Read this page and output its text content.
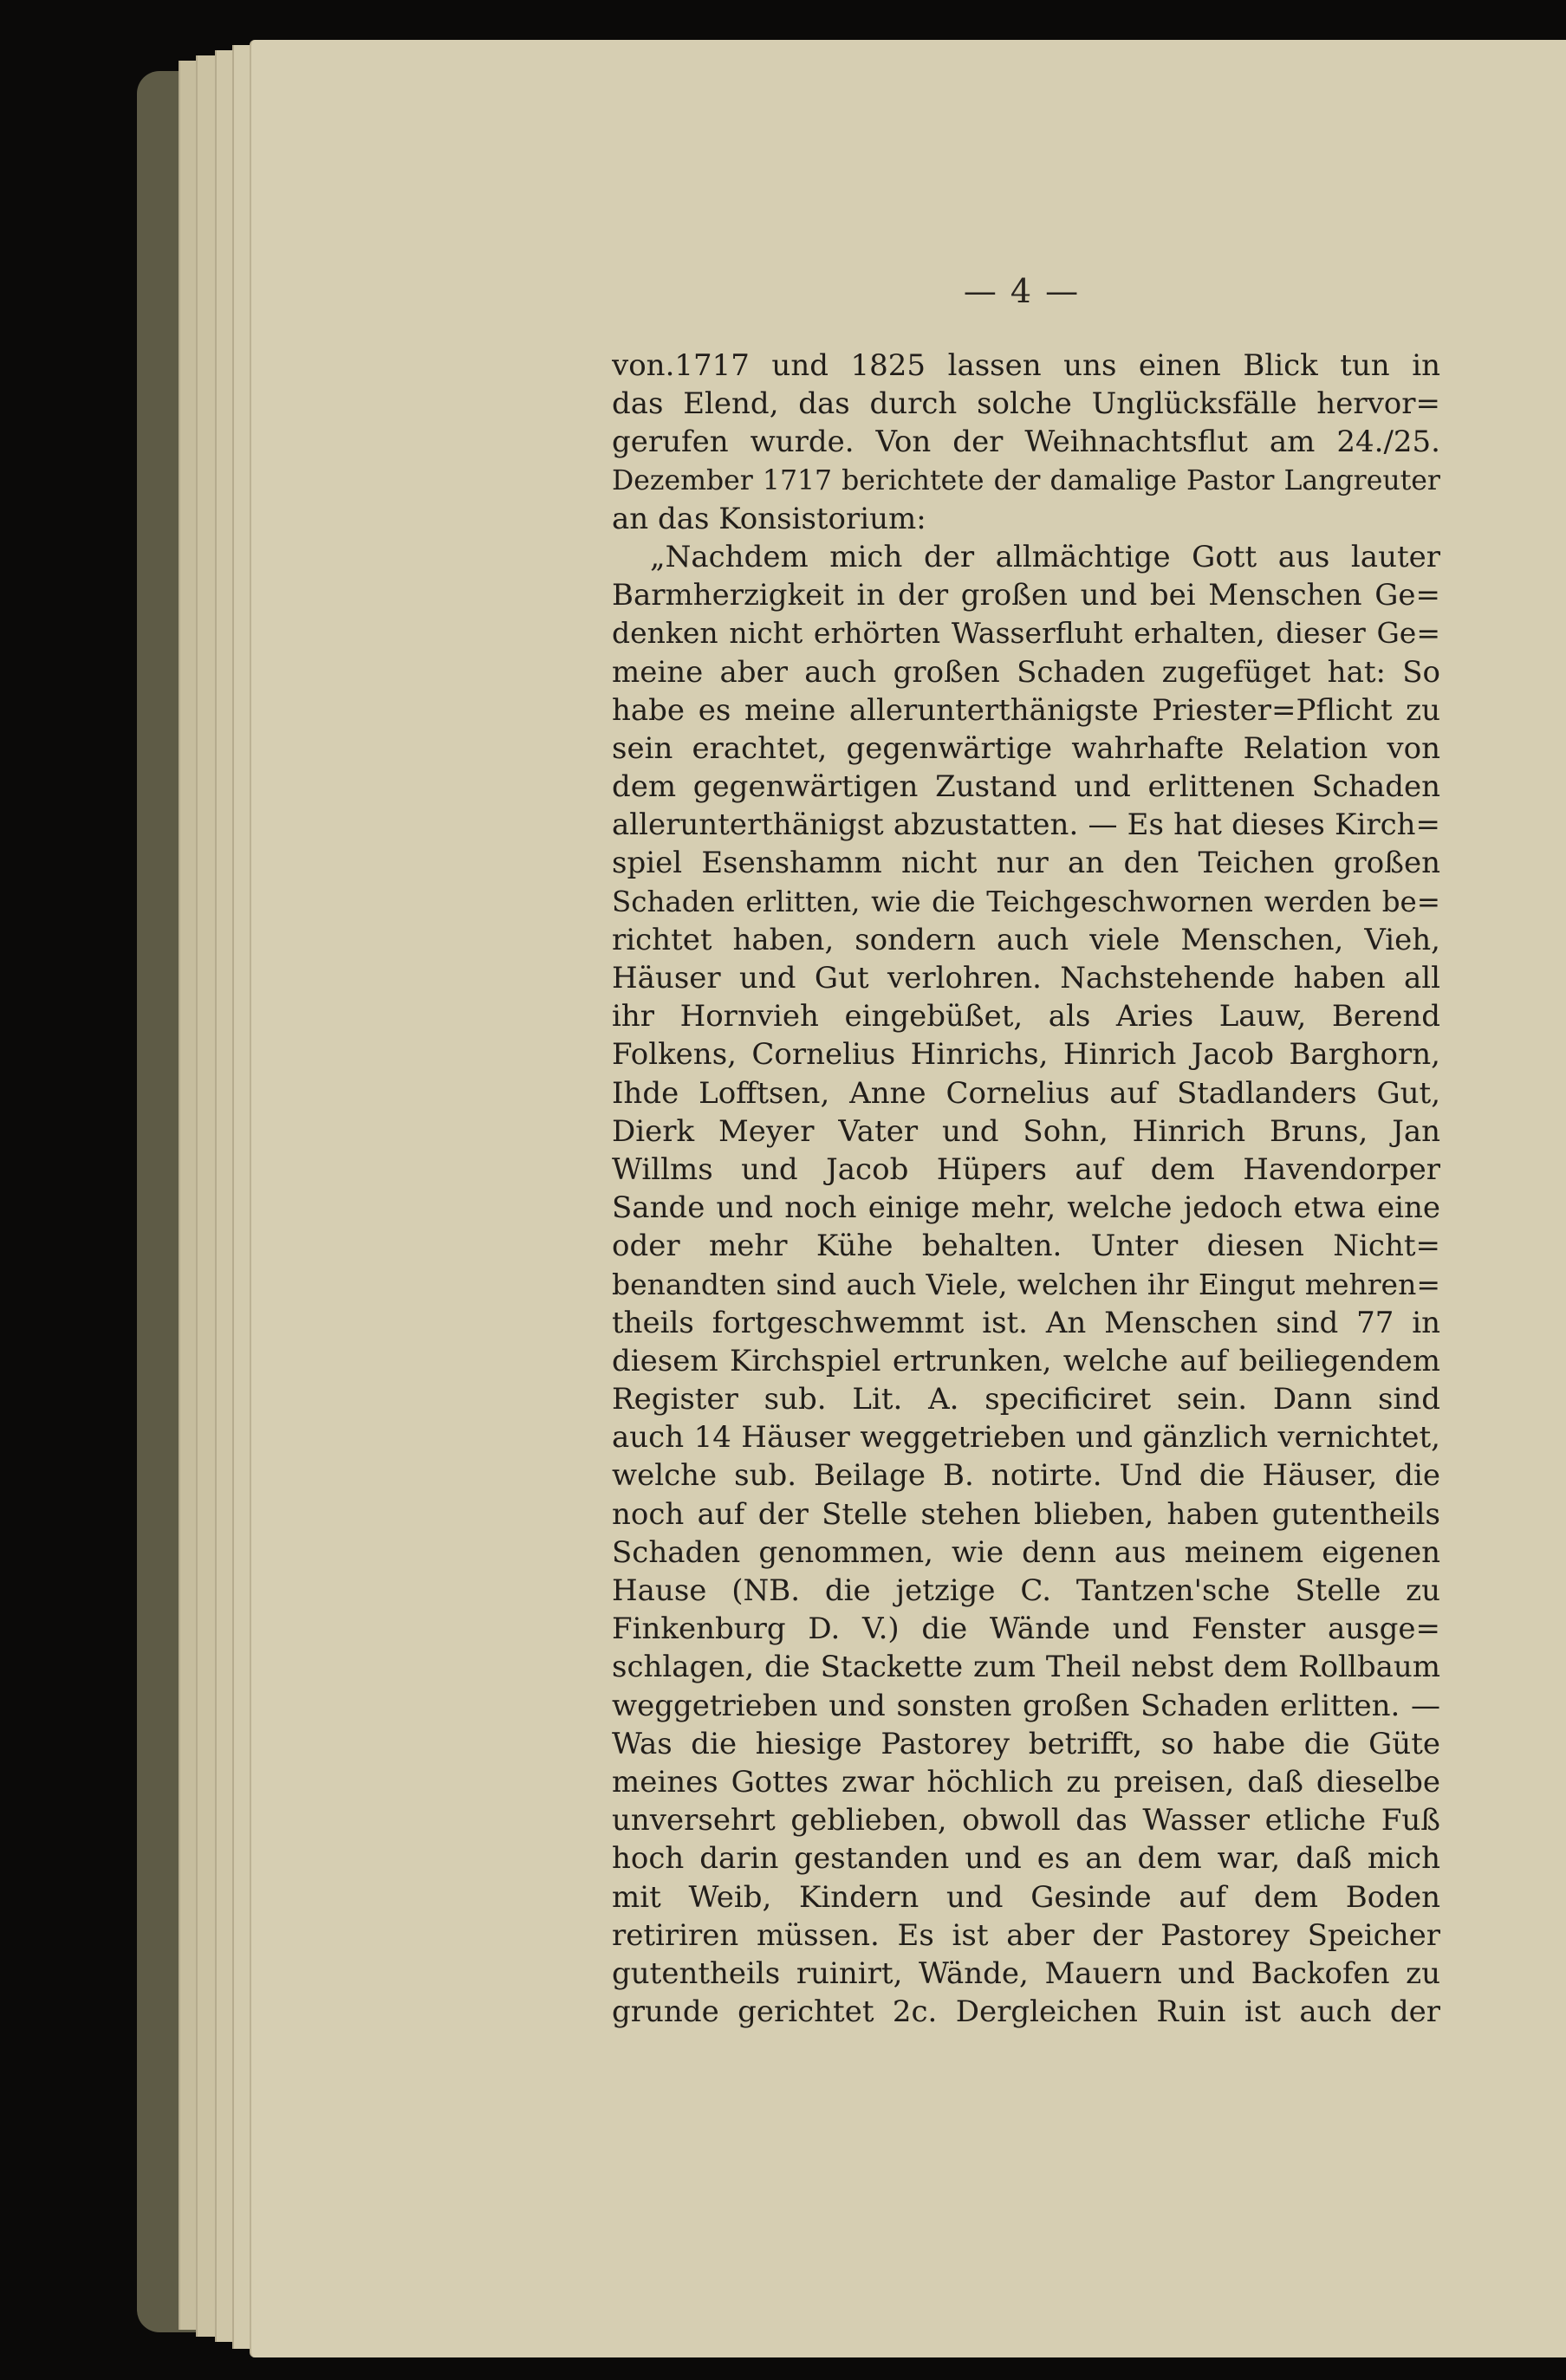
— 4 —
von.1717 und 1825 lassen uns einen Blick tun in
das Elend, das durch solche Unglücksfälle hervor=
gerufen wurde. Von der Weihnachtsflut am 24./25.
Dezember 1717 berichtete der damalige Pastor Langreuter
an das Konsistorium:
„Nachdem mich der allmächtige Gott aus lauter
Barmherzigkeit in der großen und bei Menschen Ge=
denken nicht erhörten Wasserfluht erhalten, dieser Ge=
meine aber auch großen Schaden zugefüget hat: So
habe es meine allerunterthänigste Priester=Pflicht zu
sein erachtet, gegenwärtige wahrhafte Relation von
dem gegenwärtigen Zustand und erlittenen Schaden
allerunterthänigst abzustatten. — Es hat dieses Kirch=
spiel Esenshamm nicht nur an den Teichen großen
Schaden erlitten, wie die Teichgeschwornen werden be=
richtet haben, sondern auch viele Menschen, Vieh,
Häuser und Gut verlohren. Nachstehende haben all
ihr Hornvieh eingebüßet, als Aries Lauw, Berend
Folkens, Cornelius Hinrichs, Hinrich Jacob Barghorn,
Ihde Lofftsen, Anne Cornelius auf Stadlanders Gut,
Dierk Meyer Vater und Sohn, Hinrich Bruns, Jan
Willms und Jacob Hüpers auf dem Havendorper
Sande und noch einige mehr, welche jedoch etwa eine
oder mehr Kühe behalten. Unter diesen Nicht=
benandten sind auch Viele, welchen ihr Eingut mehren=
theils fortgeschwemmt ist. An Menschen sind 77 in
diesem Kirchspiel ertrunken, welche auf beiliegendem
Register sub. Lit. A. specificiret sein. Dann sind
auch 14 Häuser weggetrieben und gänzlich vernichtet,
welche sub. Beilage B. notirte. Und die Häuser, die
noch auf der Stelle stehen blieben, haben gutentheils
Schaden genommen, wie denn aus meinem eigenen
Hause (NB. die jetzige C. Tantzen'sche Stelle zu
Finkenburg D. V.) die Wände und Fenster ausge=
schlagen, die Stackette zum Theil nebst dem Rollbaum
weggetrieben und sonsten großen Schaden erlitten. —
Was die hiesige Pastorey betrifft, so habe die Güte
meines Gottes zwar höchlich zu preisen, daß dieselbe
unversehrt geblieben, obwoll das Wasser etliche Fuß
hoch darin gestanden und es an dem war, daß mich
mit Weib, Kindern und Gesinde auf dem Boden
retiriren müssen. Es ist aber der Pastorey Speicher
gutentheils ruinirt, Wände, Mauern und Backofen zu
grunde gerichtet 2c. Dergleichen Ruin ist auch der
